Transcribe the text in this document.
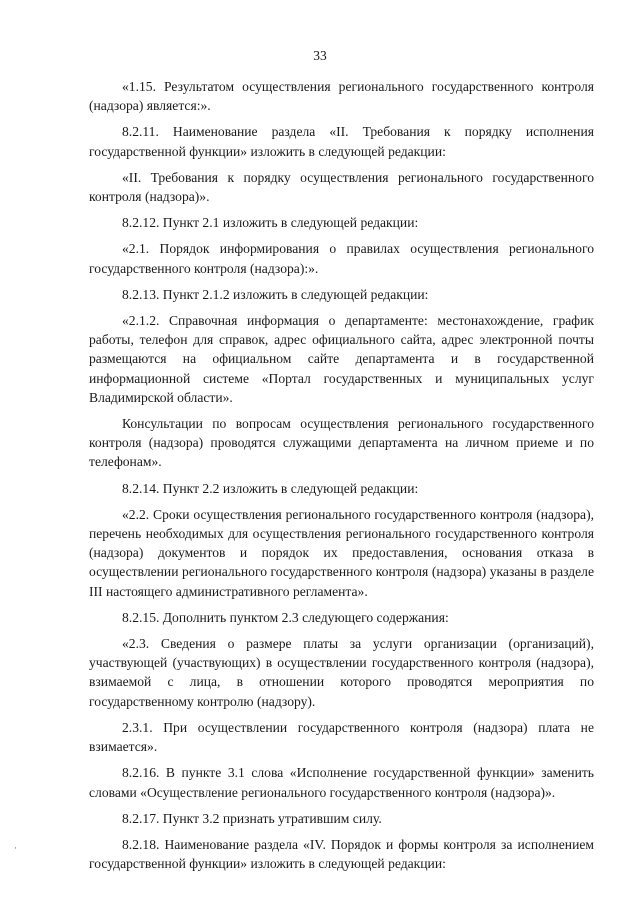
33

«1.15. Результатом осуществления регионального государственного контроля (надзора) является:».

8.2.11. Наименование раздела «II. Требования к порядку исполнения государственной функции» изложить в следующей редакции:

«II. Требования к порядку осуществления регионального государственного контроля (надзора)».

8.2.12. Пункт 2.1 изложить в следующей редакции:

«2.1. Порядок информирования о правилах осуществления регионального государственного контроля (надзора):».

8.2.13. Пункт 2.1.2 изложить в следующей редакции:

«2.1.2. Справочная информация о департаменте: местонахождение, график работы, телефон для справок, адрес официального сайта, адрес электронной почты размещаются на официальном сайте департамента и в государственной информационной системе «Портал государственных и муниципальных услуг Владимирской области».

Консультации по вопросам осуществления регионального государственного контроля (надзора) проводятся служащими департамента на личном приеме и по телефонам».

8.2.14. Пункт 2.2 изложить в следующей редакции:

«2.2. Сроки осуществления регионального государственного контроля (надзора), перечень необходимых для осуществления регионального государственного контроля (надзора) документов и порядок их предоставления, основания отказа в осуществлении регионального государственного контроля (надзора) указаны в разделе III настоящего административного регламента».

8.2.15. Дополнить пунктом 2.3 следующего содержания:

«2.3. Сведения о размере платы за услуги организации (организаций), участвующей (участвующих) в осуществлении государственного контроля (надзора), взимаемой с лица, в отношении которого проводятся мероприятия по государственному контролю (надзору).

2.3.1. При осуществлении государственного контроля (надзора) плата не взимается».

8.2.16. В пункте 3.1 слова «Исполнение государственной функции» заменить словами «Осуществление регионального государственного контроля (надзора)».

8.2.17. Пункт 3.2 признать утратившим силу.

8.2.18. Наименование раздела «IV. Порядок и формы контроля за исполнением государственной функции» изложить в следующей редакции:

·
